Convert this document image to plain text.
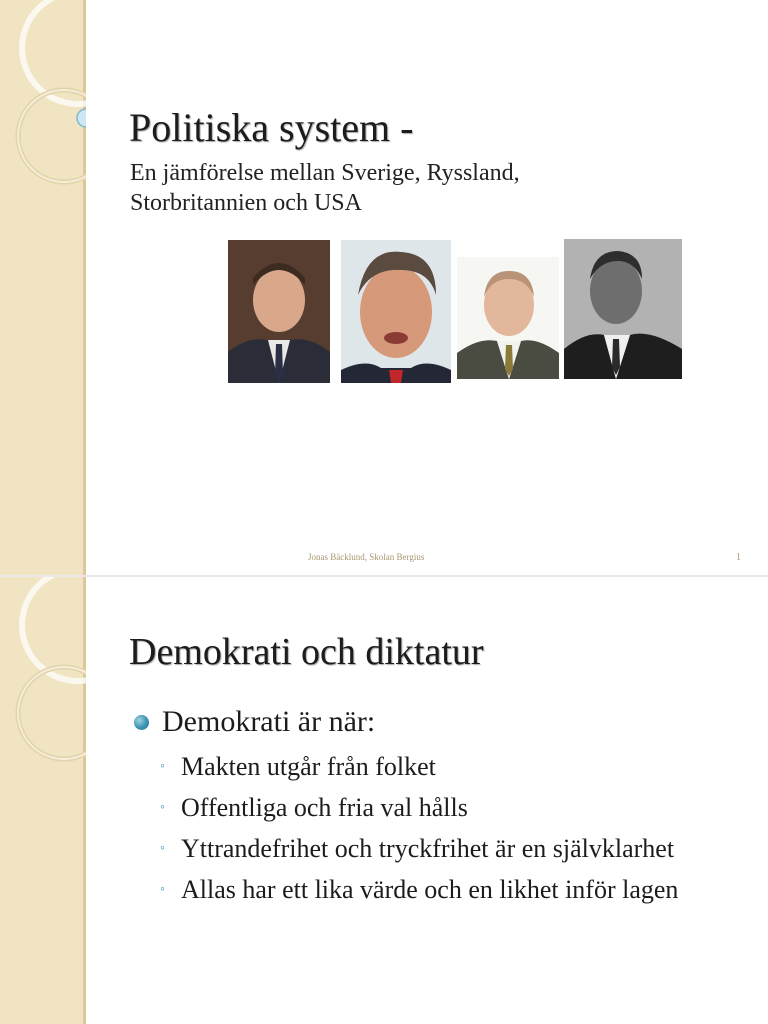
Politiska system -
En jämförelse mellan Sverige, Ryssland, Storbritannien och USA
Jonas Bäcklund, Skolan Bergius	1
Demokrati och diktatur
Demokrati är när:
◦ Makten utgår från folket
◦ Offentliga och fria val hålls
◦ Yttrandefrihet och tryckfrihet är en självklarhet
◦ Allas har ett lika värde och en likhet inför lagen
